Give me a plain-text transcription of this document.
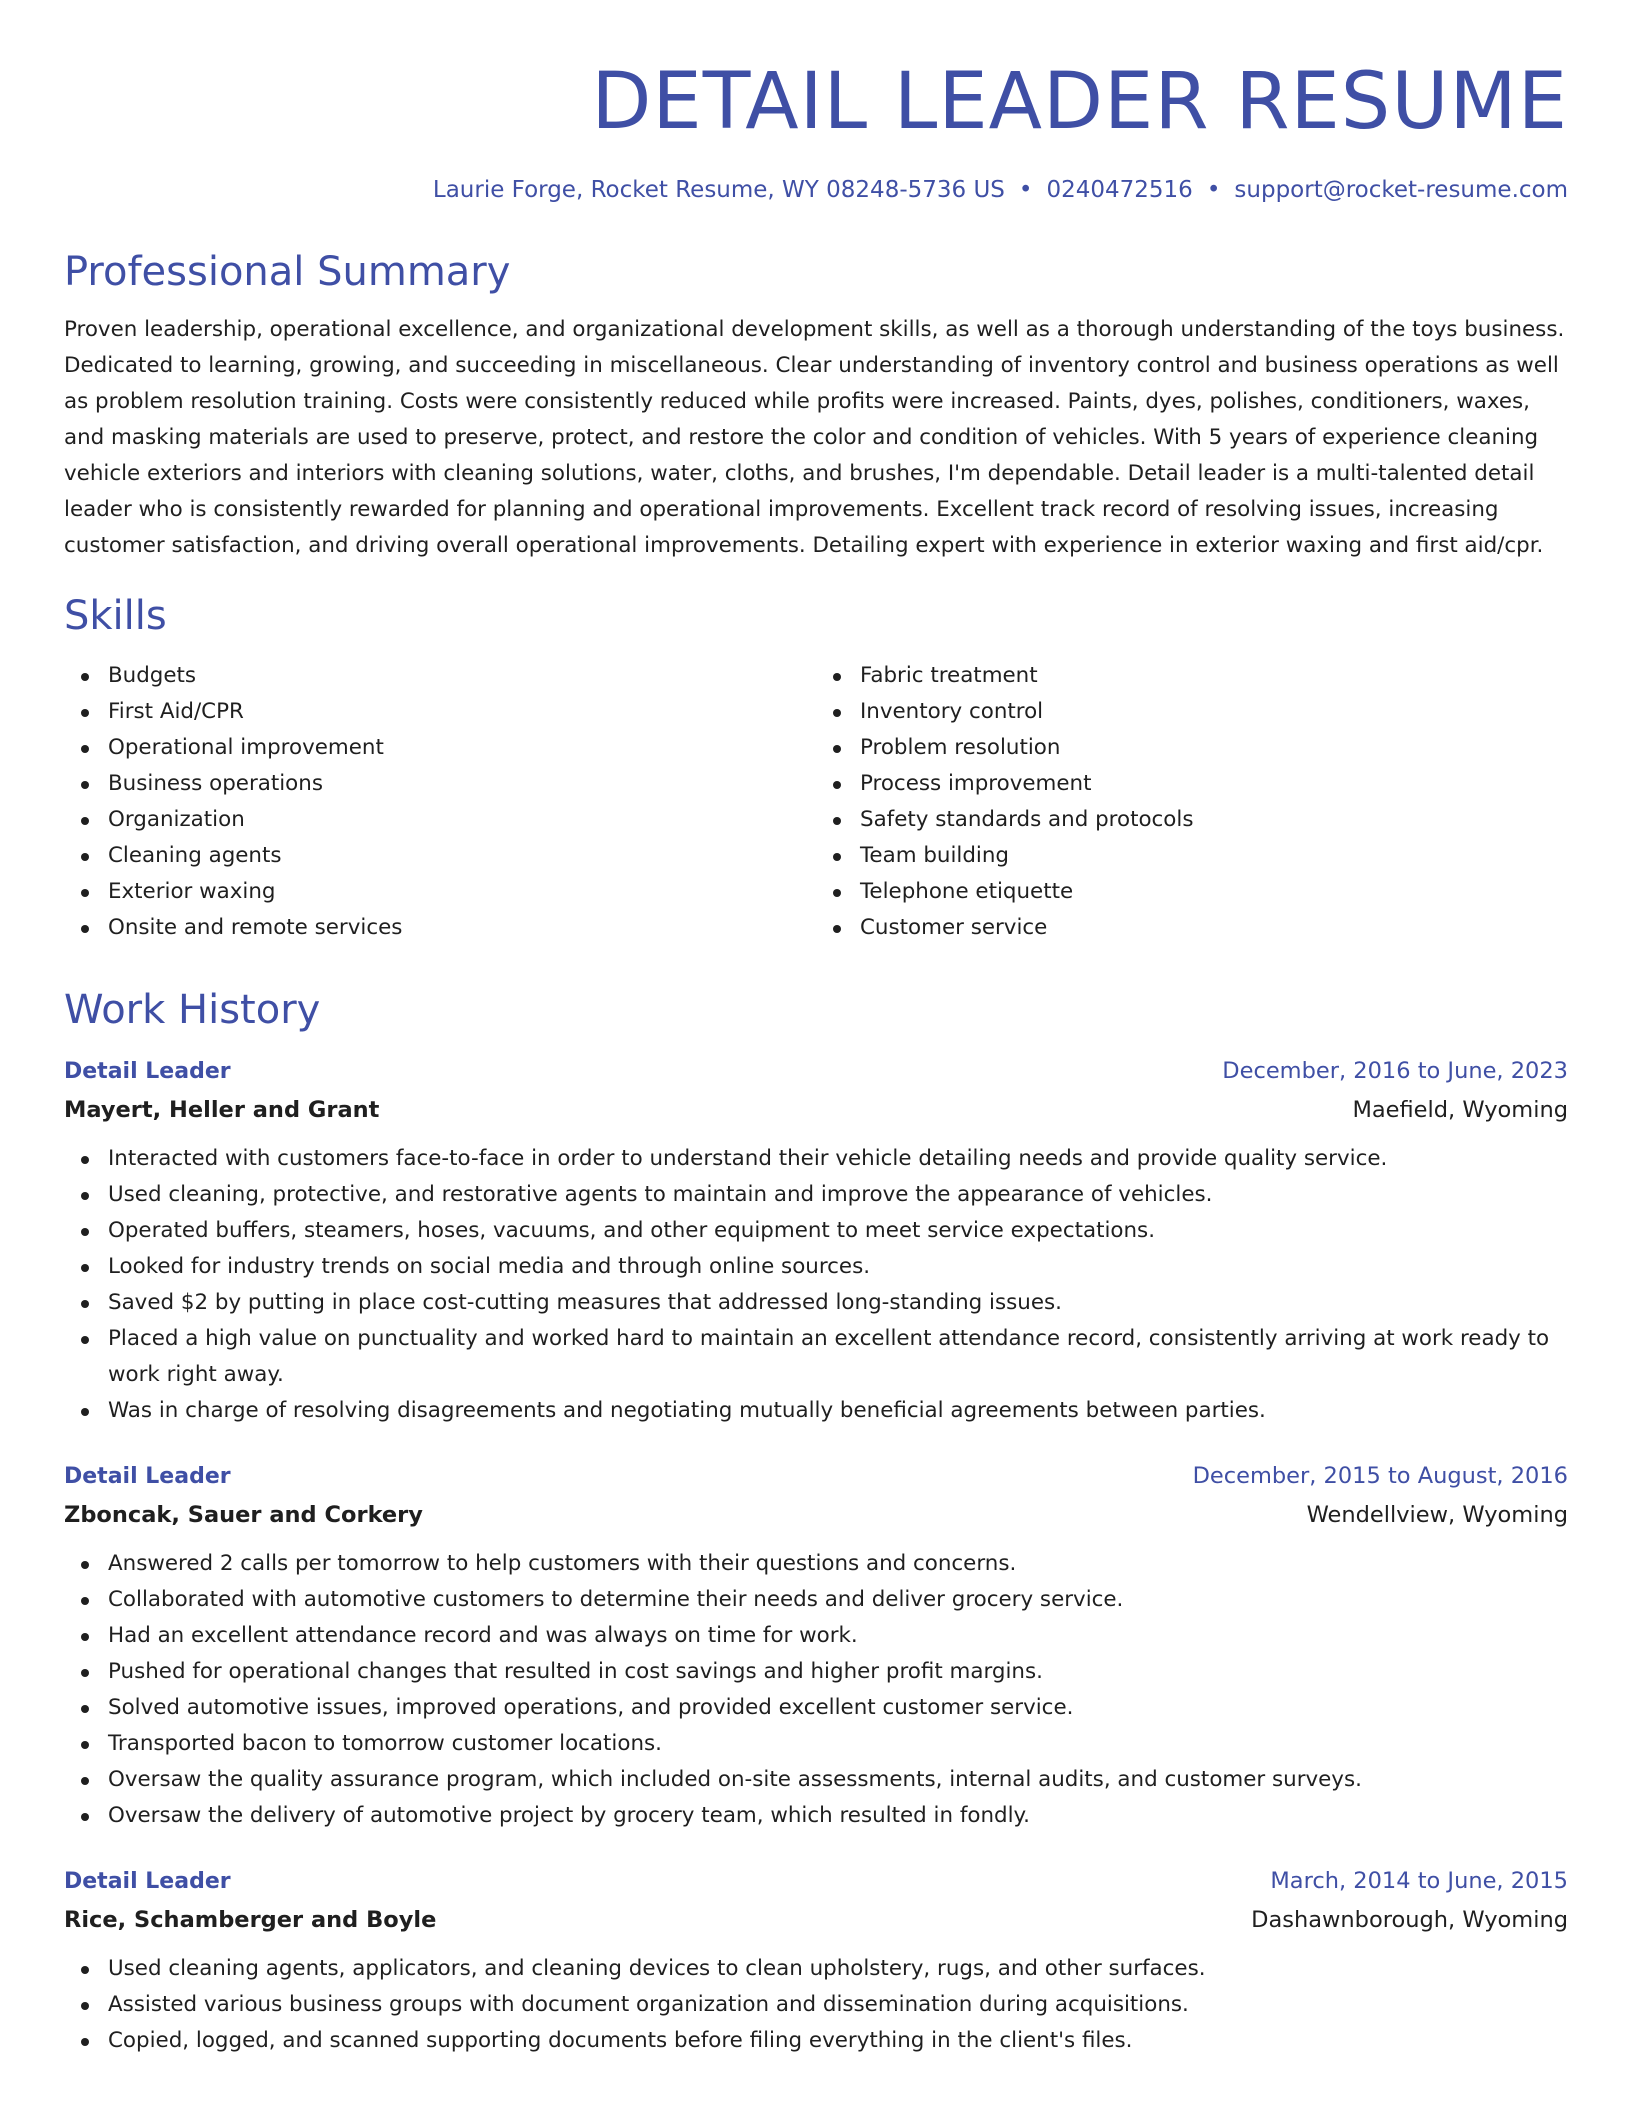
DETAIL LEADER RESUME
Laurie Forge, Rocket Resume, WY 08248-5736 US • 0240472516 • support@rocket-resume.com
Professional Summary

Proven leadership, operational excellence, and organizational development skills, as well as a thorough understanding of the toys business. Dedicated to learning, growing, and succeeding in miscellaneous. Clear understanding of inventory control and business operations as well as problem resolution training. Costs were consistently reduced while profits were increased. Paints, dyes, polishes, conditioners, waxes, and masking materials are used to preserve, protect, and restore the color and condition of vehicles. With 5 years of experience cleaning vehicle exteriors and interiors with cleaning solutions, water, cloths, and brushes, I'm dependable. Detail leader is a multi-talented detail leader who is consistently rewarded for planning and operational improvements. Excellent track record of resolving issues, increasing customer satisfaction, and driving overall operational improvements. Detailing expert with experience in exterior waxing and first aid/cpr.

Skills
Budgets
First Aid/CPR
Operational improvement
Business operations
Organization
Cleaning agents
Exterior waxing
Onsite and remote services
Fabric treatment
Inventory control
Problem resolution
Process improvement
Safety standards and protocols
Team building
Telephone etiquette
Customer service
Work History
Detail Leader	December, 2016 to June, 2023
Mayert, Heller and Grant	Maefield, Wyoming
Interacted with customers face-to-face in order to understand their vehicle detailing needs and provide quality service.
Used cleaning, protective, and restorative agents to maintain and improve the appearance of vehicles.
Operated buffers, steamers, hoses, vacuums, and other equipment to meet service expectations.
Looked for industry trends on social media and through online sources.
Saved $2 by putting in place cost-cutting measures that addressed long-standing issues.
Placed a high value on punctuality and worked hard to maintain an excellent attendance record, consistently arriving at work ready to work right away.
Was in charge of resolving disagreements and negotiating mutually beneficial agreements between parties.
Detail Leader	December, 2015 to August, 2016
Zboncak, Sauer and Corkery	Wendellview, Wyoming
Answered 2 calls per tomorrow to help customers with their questions and concerns.
Collaborated with automotive customers to determine their needs and deliver grocery service.
Had an excellent attendance record and was always on time for work.
Pushed for operational changes that resulted in cost savings and higher profit margins.
Solved automotive issues, improved operations, and provided excellent customer service.
Transported bacon to tomorrow customer locations.
Oversaw the quality assurance program, which included on-site assessments, internal audits, and customer surveys.
Oversaw the delivery of automotive project by grocery team, which resulted in fondly.
Detail Leader	March, 2014 to June, 2015
Rice, Schamberger and Boyle	Dashawnborough, Wyoming
Used cleaning agents, applicators, and cleaning devices to clean upholstery, rugs, and other surfaces.
Assisted various business groups with document organization and dissemination during acquisitions.
Copied, logged, and scanned supporting documents before filing everything in the client's files.
